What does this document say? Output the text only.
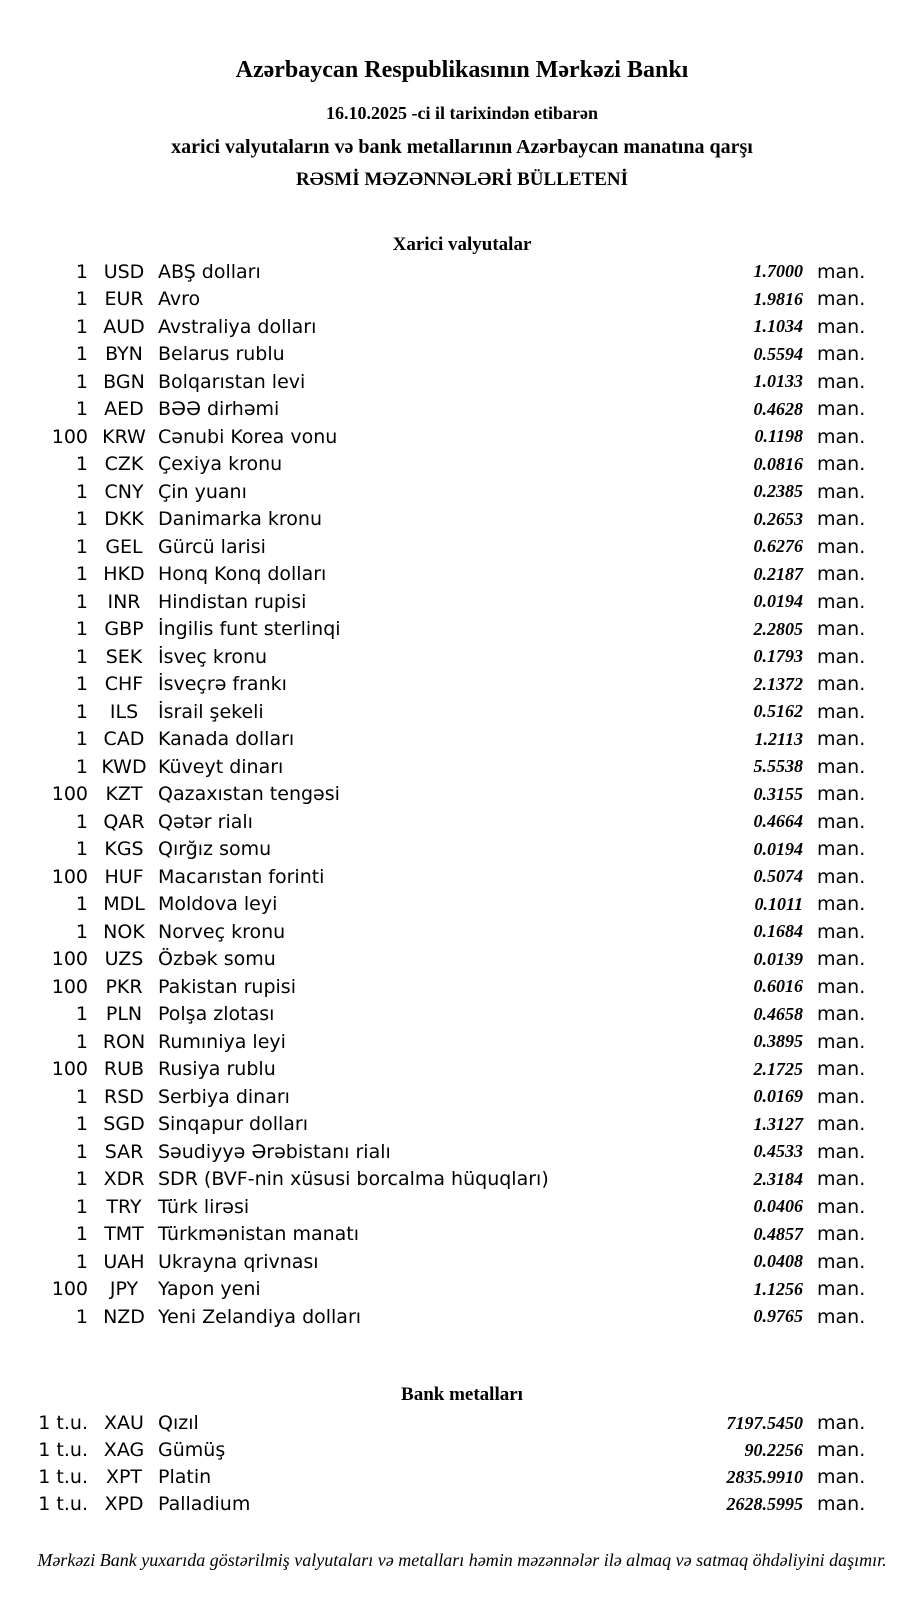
Azərbaycan Respublikasının Mərkəzi Bankı

16.10.2025 -ci il tarixindən etibarən

xarici valyutaların və bank metallarının Azərbaycan manatına qarşı

RƏSMİ MƏZƏNNƏLƏRİ BÜLLETENİ

Xarici valyutalar
1 USD ABŞ dolları	1.7000 man.
1 EUR Avro	1.9816 man.
1 AUD Avstraliya dolları	1.1034 man.
1 BYN Belarus rublu	0.5594 man.
1 BGN Bolqarıstan levi	1.0133 man.
1 AED BƏƏ dirhəmi	0.4628 man.
100 KRW Cənubi Korea vonu	0.1198 man.
1 CZK Çexiya kronu	0.0816 man.
1 CNY Çin yuanı	0.2385 man.
1 DKK Danimarka kronu	0.2653 man.
1 GEL Gürcü larisi	0.6276 man.
1 HKD Honq Konq dolları	0.2187 man.
1	INR Hindistan rupisi	0.0194 man.
1 GBP İngilis funt sterlinqi	2.2805 man.
1 SEK İsveç kronu	0.1793 man.
1 CHF İsveçrə frankı	2.1372 man.
1	ILS	İsrail şekeli	0.5162 man.
1 CAD Kanada dolları	1.2113 man.
1 KWD Küveyt dinarı	5.5538 man.
100 KZT Qazaxıstan tengəsi	0.3155 man.
1 QAR Qətər rialı	0.4664 man.
1 KGS Qırğız somu	0.0194 man.
100 HUF Macarıstan forinti	0.5074 man.
1 MDL Moldova leyi	0.1011 man.
1 NOK Norveç kronu	0.1684 man.
100 UZS Özbək somu	0.0139 man.
100 PKR Pakistan rupisi	0.6016 man.
1 PLN Polşa zlotası	0.4658 man.
1 RON Rumıniya leyi	0.3895 man.
100 RUB Rusiya rublu	2.1725 man.
1 RSD Serbiya dinarı	0.0169 man.
1 SGD Sinqapur dolları	1.3127 man.
1 SAR Səudiyyə Ərəbistanı rialı	0.4533 man.
1 XDR SDR (BVF-nin xüsusi borcalma hüquqları)	2.3184 man.
1 TRY Türk lirəsi	0.0406 man.
1 TMT Türkmənistan manatı	0.4857 man.
1 UAH Ukrayna qrivnası	0.0408 man.
100	JPY	Yapon yeni	1.1256 man.
1 NZD Yeni Zelandiya dolları	0.9765 man.
Bank metalları
1 t.u. XAU Qızıl	7197.5450 man.
1 t.u. XAG Gümüş	90.2256 man.
1 t.u. XPT Platin	2835.9910 man.
1 t.u. XPD Palladium	2628.5995 man.

Mərkəzi Bank yuxarıda göstərilmiş valyutaları və metalları həmin məzənnələr ilə almaq və satmaq öhdəliyini daşımır.
